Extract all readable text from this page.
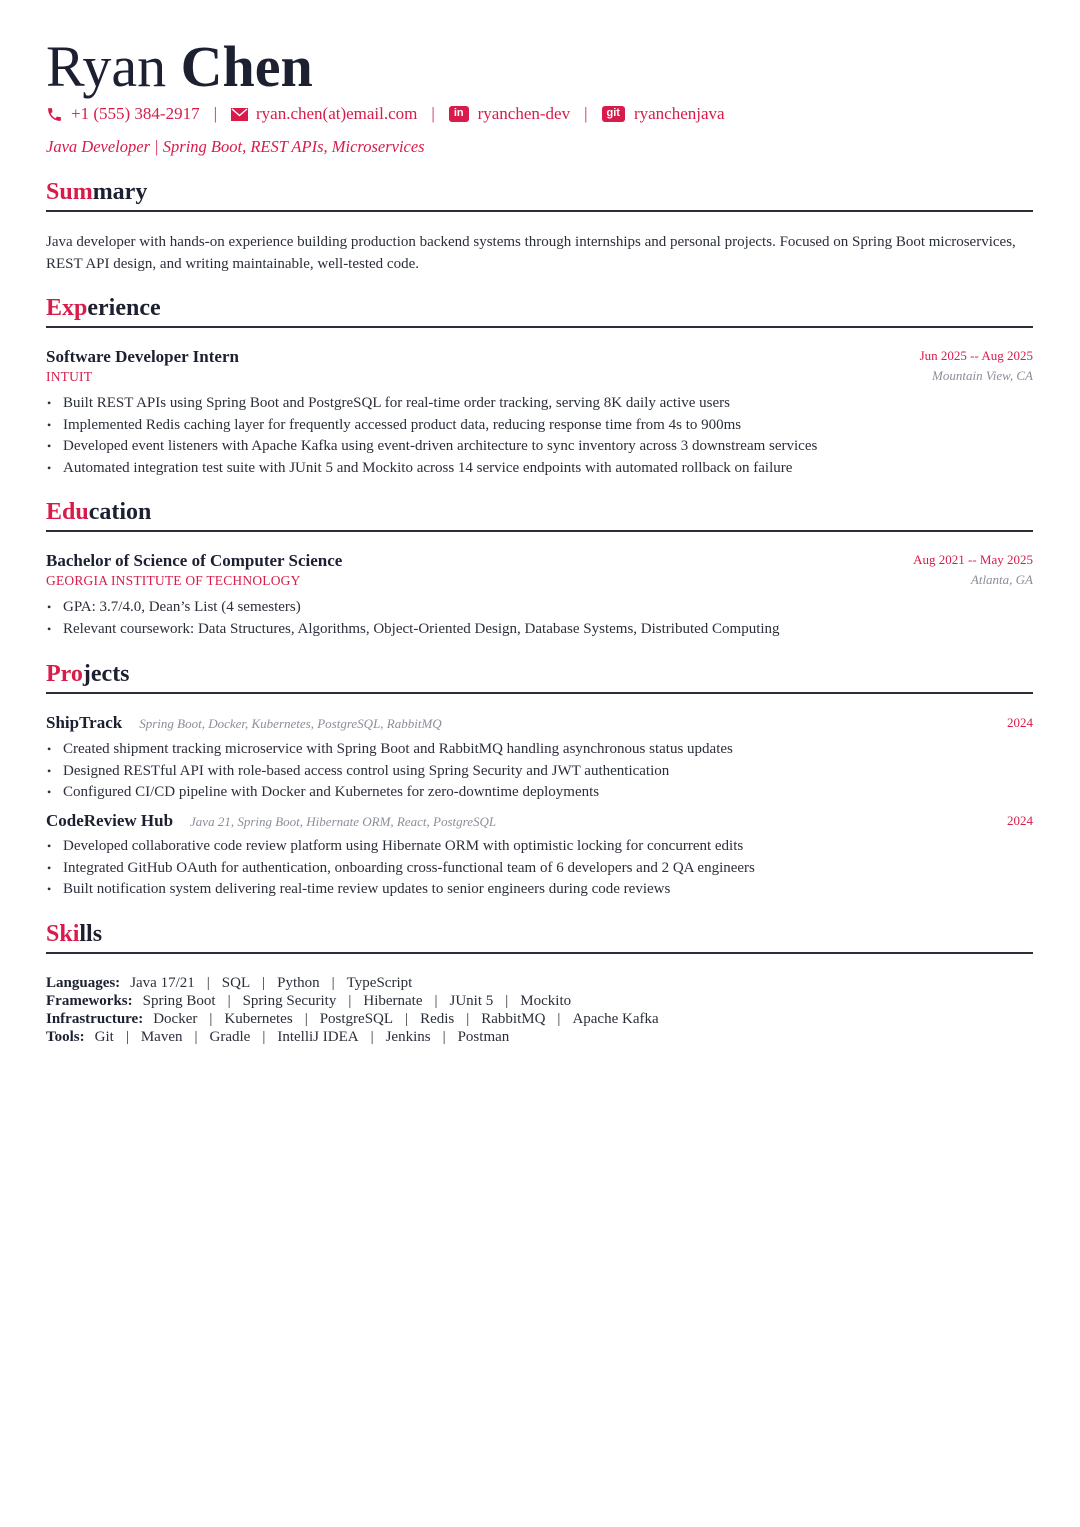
Ryan Chen
+1 (555) 384-2917 | ryan.chen(at)email.com |	in ryanchen-dev |	git ryanchenjava
Java Developer | Spring Boot, REST APIs, Microservices
Summary
Java developer with hands-on experience building production backend systems through internships and personal projects. Focused on Spring Boot microservices, REST API design, and writing maintainable, well-tested code.
Experience
Software Developer Intern
INTUIT
Jun 2025 -- Aug 2025
Mountain View, CA
• Built REST APIs using Spring Boot and PostgreSQL for real-time order tracking, serving 8K daily active users
• Implemented Redis caching layer for frequently accessed product data, reducing response time from 4s to 900ms
• Developed event listeners with Apache Kafka using event-driven architecture to sync inventory across 3 downstream services
• Automated integration test suite with JUnit 5 and Mockito across 14 service endpoints with automated rollback on failure
Education
Bachelor of Science of Computer Science
GEORGIA INSTITUTE OF TECHNOLOGY
Aug 2021 -- May 2025
Atlanta, GA
• GPA: 3.7/4.0, Dean’s List (4 semesters)
• Relevant coursework: Data Structures, Algorithms, Object-Oriented Design, Database Systems, Distributed Computing
Projects
ShipTrack Spring Boot, Docker, Kubernetes, PostgreSQL, RabbitMQ	2024
• Created shipment tracking microservice with Spring Boot and RabbitMQ handling asynchronous status updates
• Designed RESTful API with role-based access control using Spring Security and JWT authentication
• Configured CI/CD pipeline with Docker and Kubernetes for zero-downtime deployments
CodeReview Hub Java 21, Spring Boot, Hibernate ORM, React, PostgreSQL	2024
• Developed collaborative code review platform using Hibernate ORM with optimistic locking for concurrent edits
• Integrated GitHub OAuth for authentication, onboarding cross-functional team of 6 developers and 2 QA engineers
• Built notification system delivering real-time review updates to senior engineers during code reviews
Skills
Languages: Java 17/21 | SQL | Python | TypeScript
Frameworks: Spring Boot | Spring Security | Hibernate | JUnit 5 | Mockito
Infrastructure: Docker | Kubernetes | PostgreSQL | Redis | RabbitMQ | Apache Kafka
Tools: Git | Maven | Gradle | IntelliJ IDEA | Jenkins | Postman
